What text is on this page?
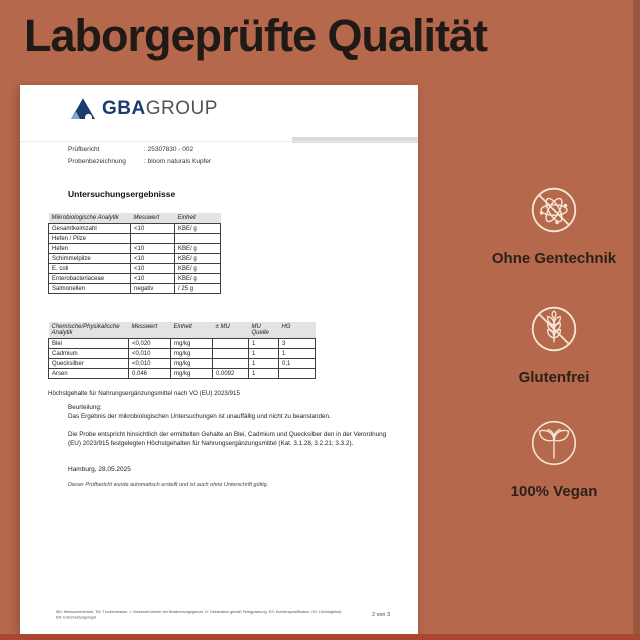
Laborgeprüfte Qualität
GBAGROUP
Prüfbericht	: 25307830 - 002
Probenbezeichnung	: bloom naturals Kupfer
Untersuchungsergebnisse
Mikrobiologische Analytik	Messwert	Einheit
Gesamtkeimzahl	<10	KBE/ g
Hefen / Pilze		
Hefen	<10	KBE/ g
Schimmelpilze	<10	KBE/ g
E. coli	<10	KBE/ g
Enterobacteriaceae	<10	KBE/ g
Salmonellen	negativ	/ 25 g
Chemische/Physikalische Analytik	Messwert	Einheit	± MU	MU Quelle	HG
Blei	<0,020	mg/kg		1	3
Cadmium	<0,010	mg/kg		1	1
Quecksilber	<0,010	mg/kg		1	0,1
Arsen	0.046	mg/kg	0.0092	1	
Höchstgehalte für Nahrungsergänzungsmittel nach VO (EU) 2023/915
Beurteilung:
Das Ergebnis der mikrobiologischen Untersuchungen ist unauffällig und nicht zu beanstanden.
Die Probe entspricht hinsichtlich der ermittelten Gehalte an Blei, Cadmium und Quecksilber den in der Verordnung (EU) 2023/915 festgelegten Höchstgehalten für Nahrungsergänzungsmittel (Kat. 3.1.28, 3.2.21; 3.3.2).
Hamburg, 28.05.2025
Dieser Prüfbericht wurde automatisch erstellt und ist auch ohne Unterschrift gültig.
MU: Messunsicherheit, TM: Trockenmasse, <: Messwert kleiner der Bestimmungsgrenze, D: Deklaration gemäß Fertigpackung, KS: Kundenspezifikation, HG: Höchstgehalt,
ER: Entscheidungsregel	2 von 3
Ohne Gentechnik
Glutenfrei
100% Vegan
